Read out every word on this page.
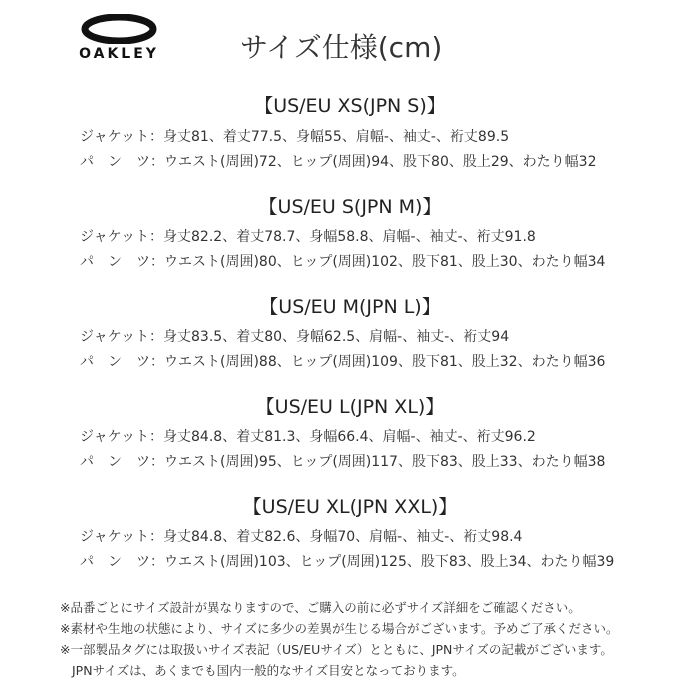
OAKLEY	サイズ仕様(cm)
【US/EU XS(JPN S)】
ジャケット：身丈81、着丈77.5、身幅55、肩幅-、袖丈-、裄丈89.5
パ　ン　ツ：ウエスト(周囲)72、ヒップ(周囲)94、股下80、股上29、わたり幅32
【US/EU S(JPN M)】
ジャケット：身丈82.2、着丈78.7、身幅58.8、肩幅-、袖丈-、裄丈91.8
パ　ン　ツ：ウエスト(周囲)80、ヒップ(周囲)102、股下81、股上30、わたり幅34
【US/EU M(JPN L)】
ジャケット：身丈83.5、着丈80、身幅62.5、肩幅-、袖丈-、裄丈94
パ　ン　ツ：ウエスト(周囲)88、ヒップ(周囲)109、股下81、股上32、わたり幅36
【US/EU L(JPN XL)】
ジャケット：身丈84.8、着丈81.3、身幅66.4、肩幅-、袖丈-、裄丈96.2
パ　ン　ツ：ウエスト(周囲)95、ヒップ(周囲)117、股下83、股上33、わたり幅38
【US/EU XL(JPN XXL)】
ジャケット：身丈84.8、着丈82.6、身幅70、肩幅-、袖丈-、裄丈98.4
パ　ン　ツ：ウエスト(周囲)103、ヒップ(周囲)125、股下83、股上34、わたり幅39
※品番ごとにサイズ設計が異なりますので、ご購入の前に必ずサイズ詳細をご確認ください。
※素材や生地の状態により、サイズに多少の差異が生じる場合がございます。予めご了承ください。
※一部製品タグには取扱いサイズ表記（US/EUサイズ）とともに、JPNサイズの記載がございます。
JPNサイズは、あくまでも国内一般的なサイズ目安となっております。
